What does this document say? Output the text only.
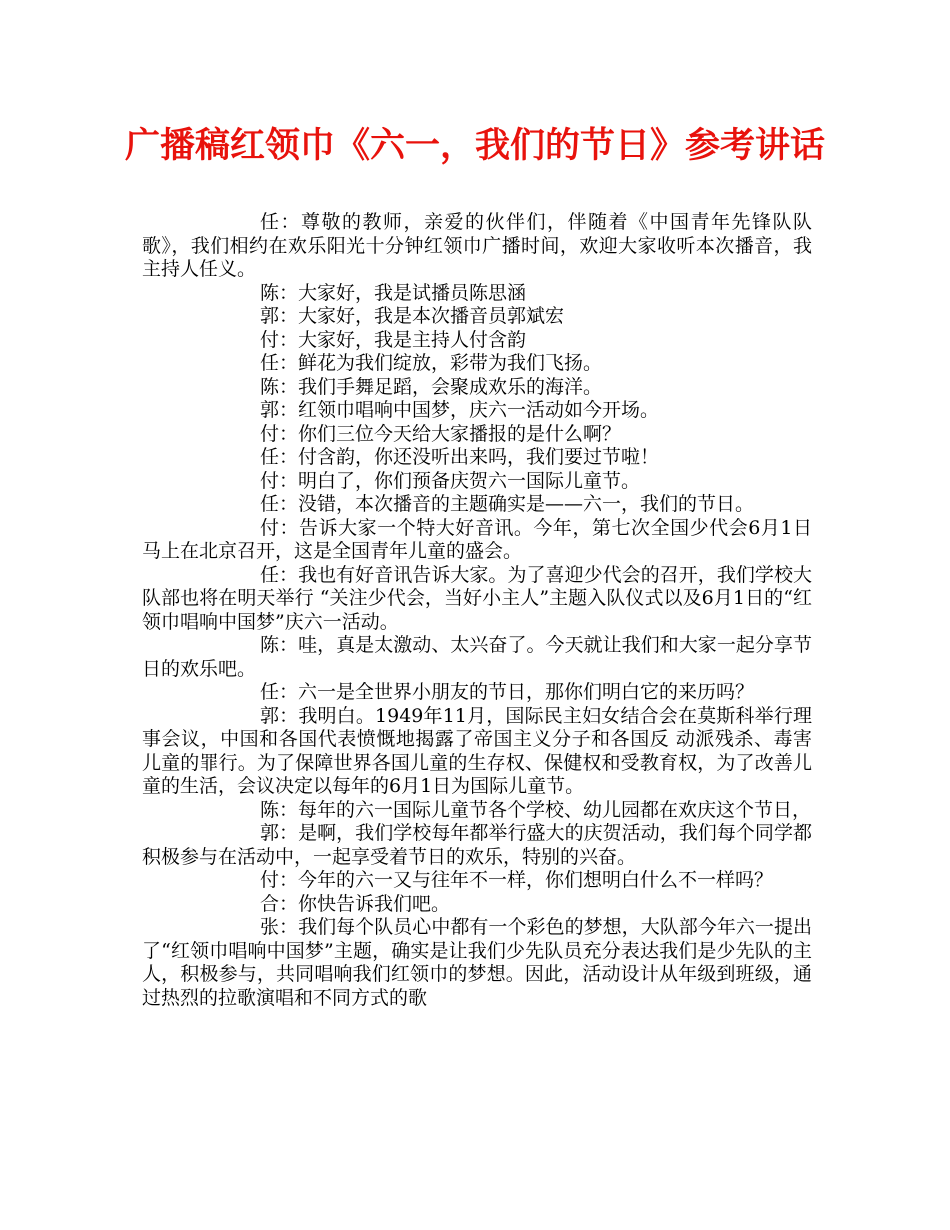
广播稿红领巾《六一，我们的节日》参考讲话

任：尊敬的教师，亲爱的伙伴们，伴随着《中国青年先锋队队歌》，我们相约在欢乐阳光十分钟红领巾广播时间，欢迎大家收听本次播音，我主持人任义。

陈：大家好，我是试播员陈思涵

郭：大家好，我是本次播音员郭斌宏

付：大家好，我是主持人付含韵

任：鲜花为我们绽放，彩带为我们飞扬。

陈：我们手舞足蹈，会聚成欢乐的海洋。

郭：红领巾唱响中国梦，庆六一活动如今开场。

付：你们三位今天给大家播报的是什么啊？

任：付含韵，你还没听出来吗，我们要过节啦！

付：明白了，你们预备庆贺六一国际儿童节。

任：没错，本次播音的主题确实是——六一，我们的节日。

付：告诉大家一个特大好音讯。今年，第七次全国少代会6月1日马上在北京召开，这是全国青年儿童的盛会。

任：我也有好音讯告诉大家。为了喜迎少代会的召开，我们学校大队部也将在明天举行 “关注少代会，当好小主人”主题入队仪式以及6月1日的“红领巾唱响中国梦”庆六一活动。

陈：哇，真是太激动、太兴奋了。今天就让我们和大家一起分享节日的欢乐吧。

任：六一是全世界小朋友的节日，那你们明白它的来历吗？

郭：我明白。1949年11月，国际民主妇女结合会在莫斯科举行理事会议，中国和各国代表愤慨地揭露了帝国主义分子和各国反 动派残杀、毒害儿童的罪行。为了保障世界各国儿童的生存权、保健权和受教育权，为了改善儿童的生活，会议决定以每年的6月1日为国际儿童节。

陈：每年的六一国际儿童节各个学校、幼儿园都在欢庆这个节日，

郭：是啊，我们学校每年都举行盛大的庆贺活动，我们每个同学都积极参与在活动中，一起享受着节日的欢乐，特别的兴奋。

付：今年的六一又与往年不一样，你们想明白什么不一样吗？

合：你快告诉我们吧。

张：我们每个队员心中都有一个彩色的梦想，大队部今年六一提出了“红领巾唱响中国梦”主题，确实是让我们少先队员充分表达我们是少先队的主人，积极参与，共同唱响我们红领巾的梦想。因此，活动设计从年级到班级，通过热烈的拉歌演唱和不同方式的歌
